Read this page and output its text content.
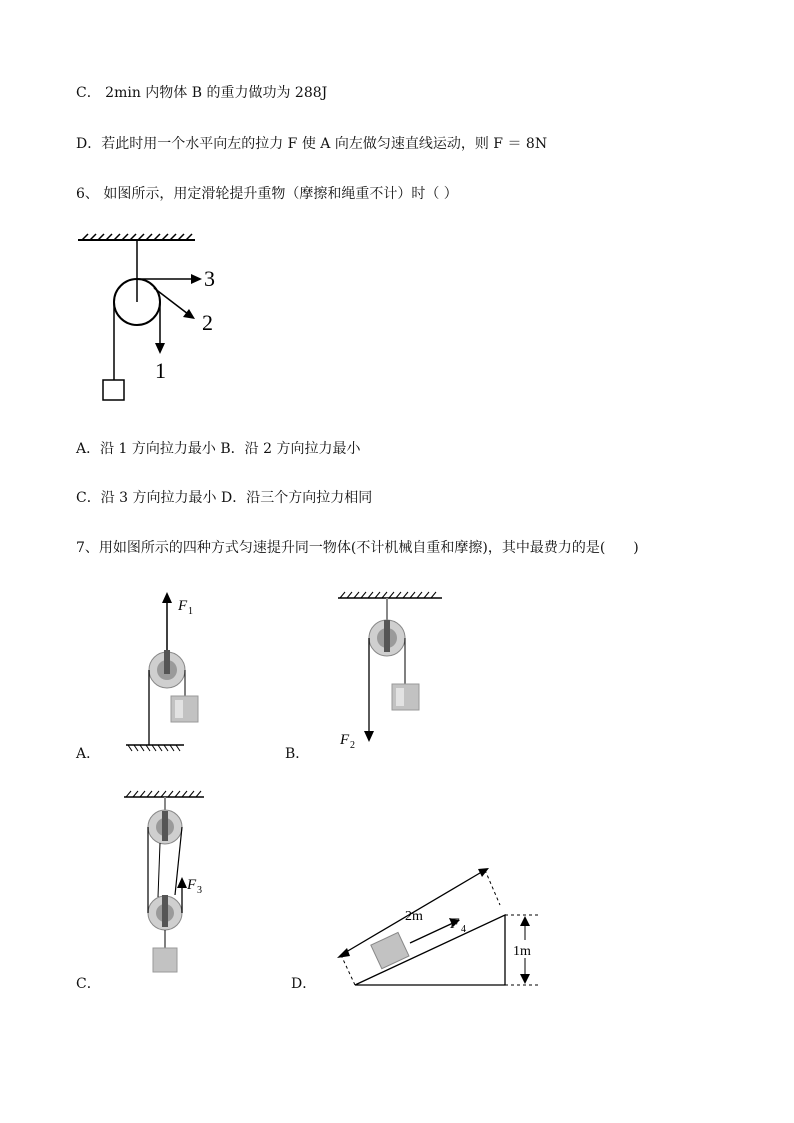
C． 2min 内物体 B 的重力做功为 288J
D．若此时用一个水平向左的拉力 F 使 A 向左做匀速直线运动，则 F ＝ 8N
6、 如图所示，用定滑轮提升重物（摩擦和绳重不计）时（ ）
A．沿 1 方向拉力最小 B．沿 2 方向拉力最小
C．沿 3 方向拉力最小 D．沿三个方向拉力相同
7、用如图所示的四种方式匀速提升同一物体(不计机械自重和摩擦)，其中最费力的是(　　)
3
2
1
A．	B．
C．	D．
F 1
F 2
F 3
F 4
2m
1m
